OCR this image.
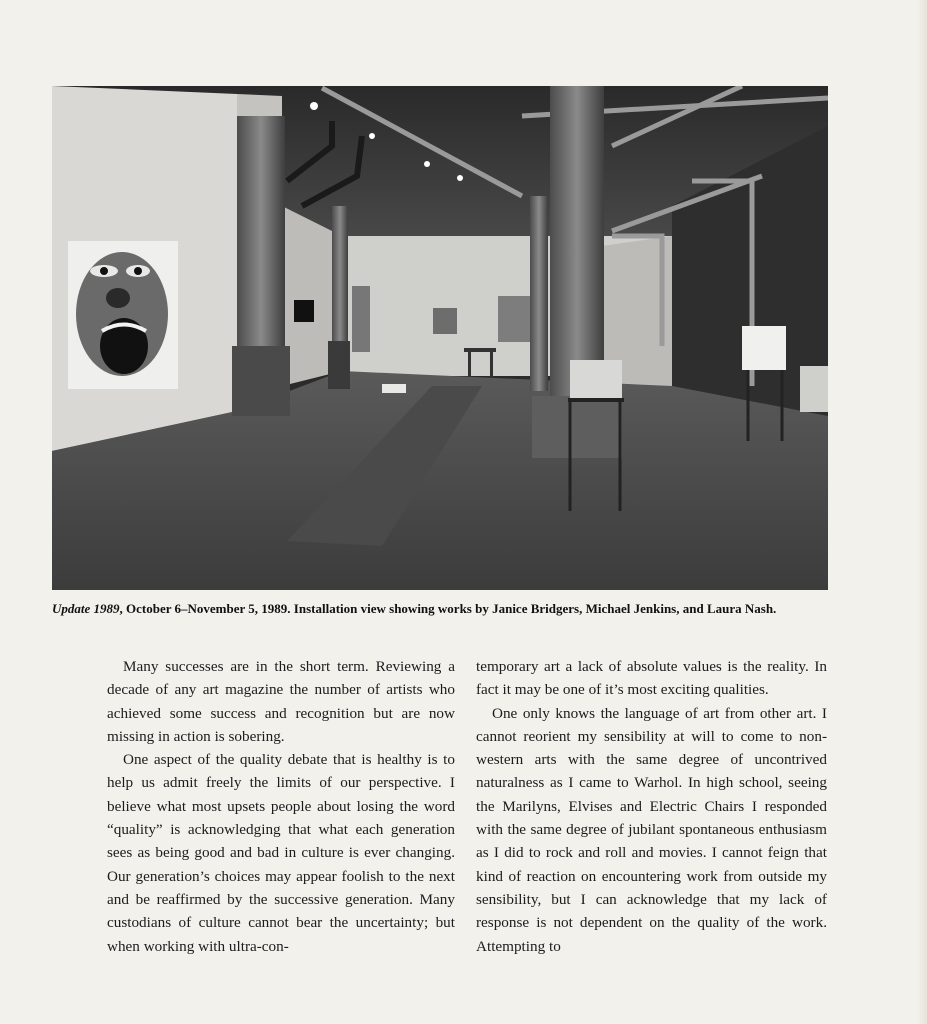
Update 1989, October 6–November 5, 1989. Installation view showing works by Janice Bridgers, Michael Jenkins, and Laura Nash.

Many successes are in the short term. Reviewing a decade of any art magazine the number of artists who achieved some success and recognition but are now missing in action is sobering.

One aspect of the quality debate that is healthy is to help us admit freely the limits of our perspective. I believe what most upsets people about losing the word “quality” is acknowledging that what each generation sees as being good and bad in culture is ever changing. Our generation’s choices may appear foolish to the next and be reaffirmed by the successive generation. Many custodians of culture cannot bear the uncertainty; but when working with ultra-con-

temporary art a lack of absolute values is the reality. In fact it may be one of it’s most exciting qualities.

One only knows the language of art from other art. I cannot reorient my sensibility at will to come to non-western arts with the same degree of uncontrived naturalness as I came to Warhol. In high school, seeing the Marilyns, Elvises and Electric Chairs I responded with the same degree of jubilant spontaneous enthusiasm as I did to rock and roll and movies. I cannot feign that kind of reaction on encountering work from outside my sensibility, but I can acknowledge that my lack of response is not dependent on the quality of the work. Attempting to
